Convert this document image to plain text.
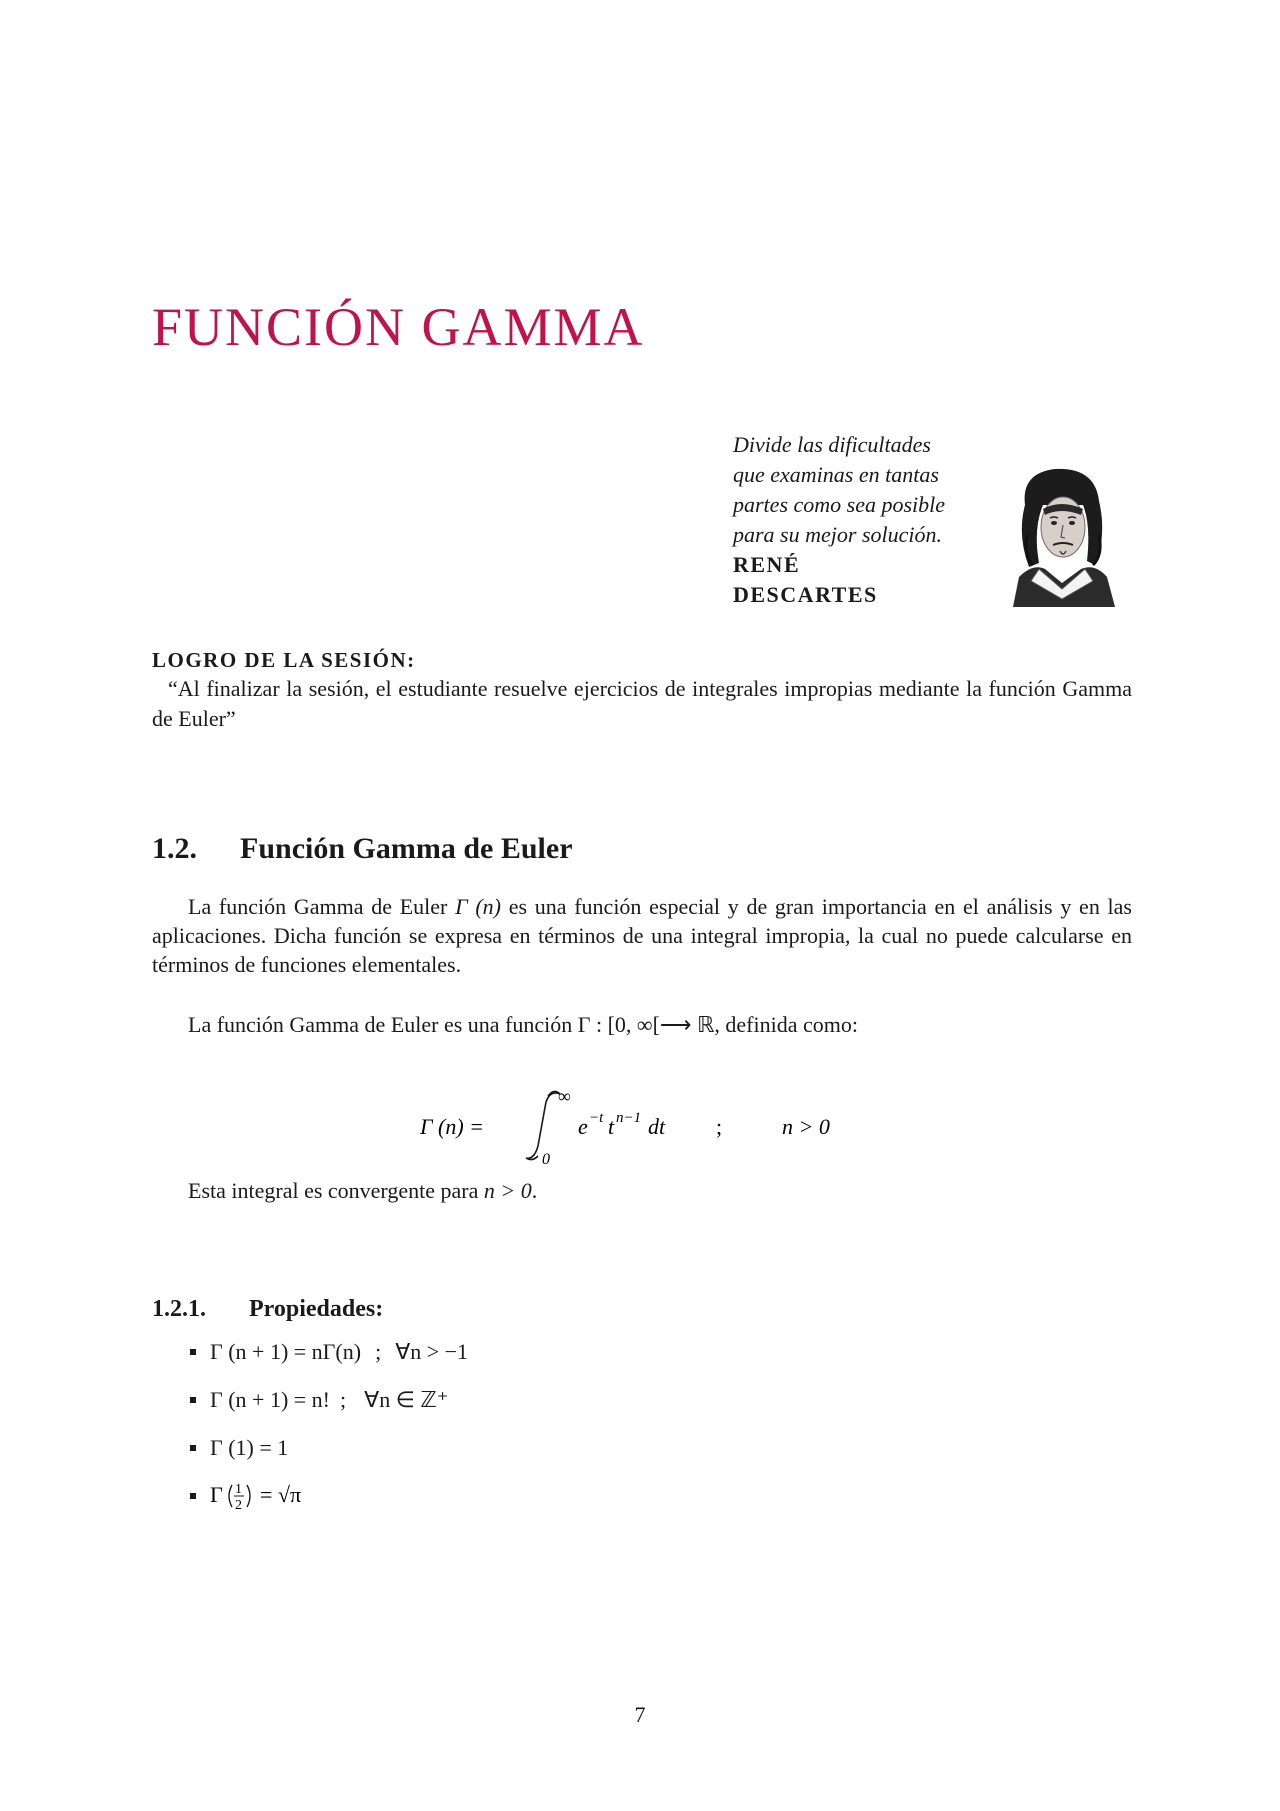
FUNCIÓN GAMMA
Divide las dificultades
que examinas en tantas
partes como sea posible
para su mejor solución.
RENÉ
DESCARTES
LOGRO DE LA SESIÓN:

“Al finalizar la sesión, el estudiante resuelve ejercicios de integrales impropias mediante la función Gamma de Euler”

1.2. Función Gamma de Euler

La función Gamma de Euler Γ (n) es una función especial y de gran importancia en el análisis y en las aplicaciones. Dicha función se expresa en términos de una integral impropia, la cual no puede calcularse en términos de funciones elementales.

La función Gamma de Euler es una función Γ : [0, ∞[⟶ ℝ, definida como:

Γ (n) =
∞
0
e −t t n−1 dt ;	n > 0

Esta integral es convergente para n > 0.

1.2.1. Propiedades:
Γ (n + 1) = nΓ(n) ; ∀n > −1
Γ (n + 1) = n! ; ∀n ∈ ℤ⁺
Γ (1) = 1
Γ 1
2 = √π
7
